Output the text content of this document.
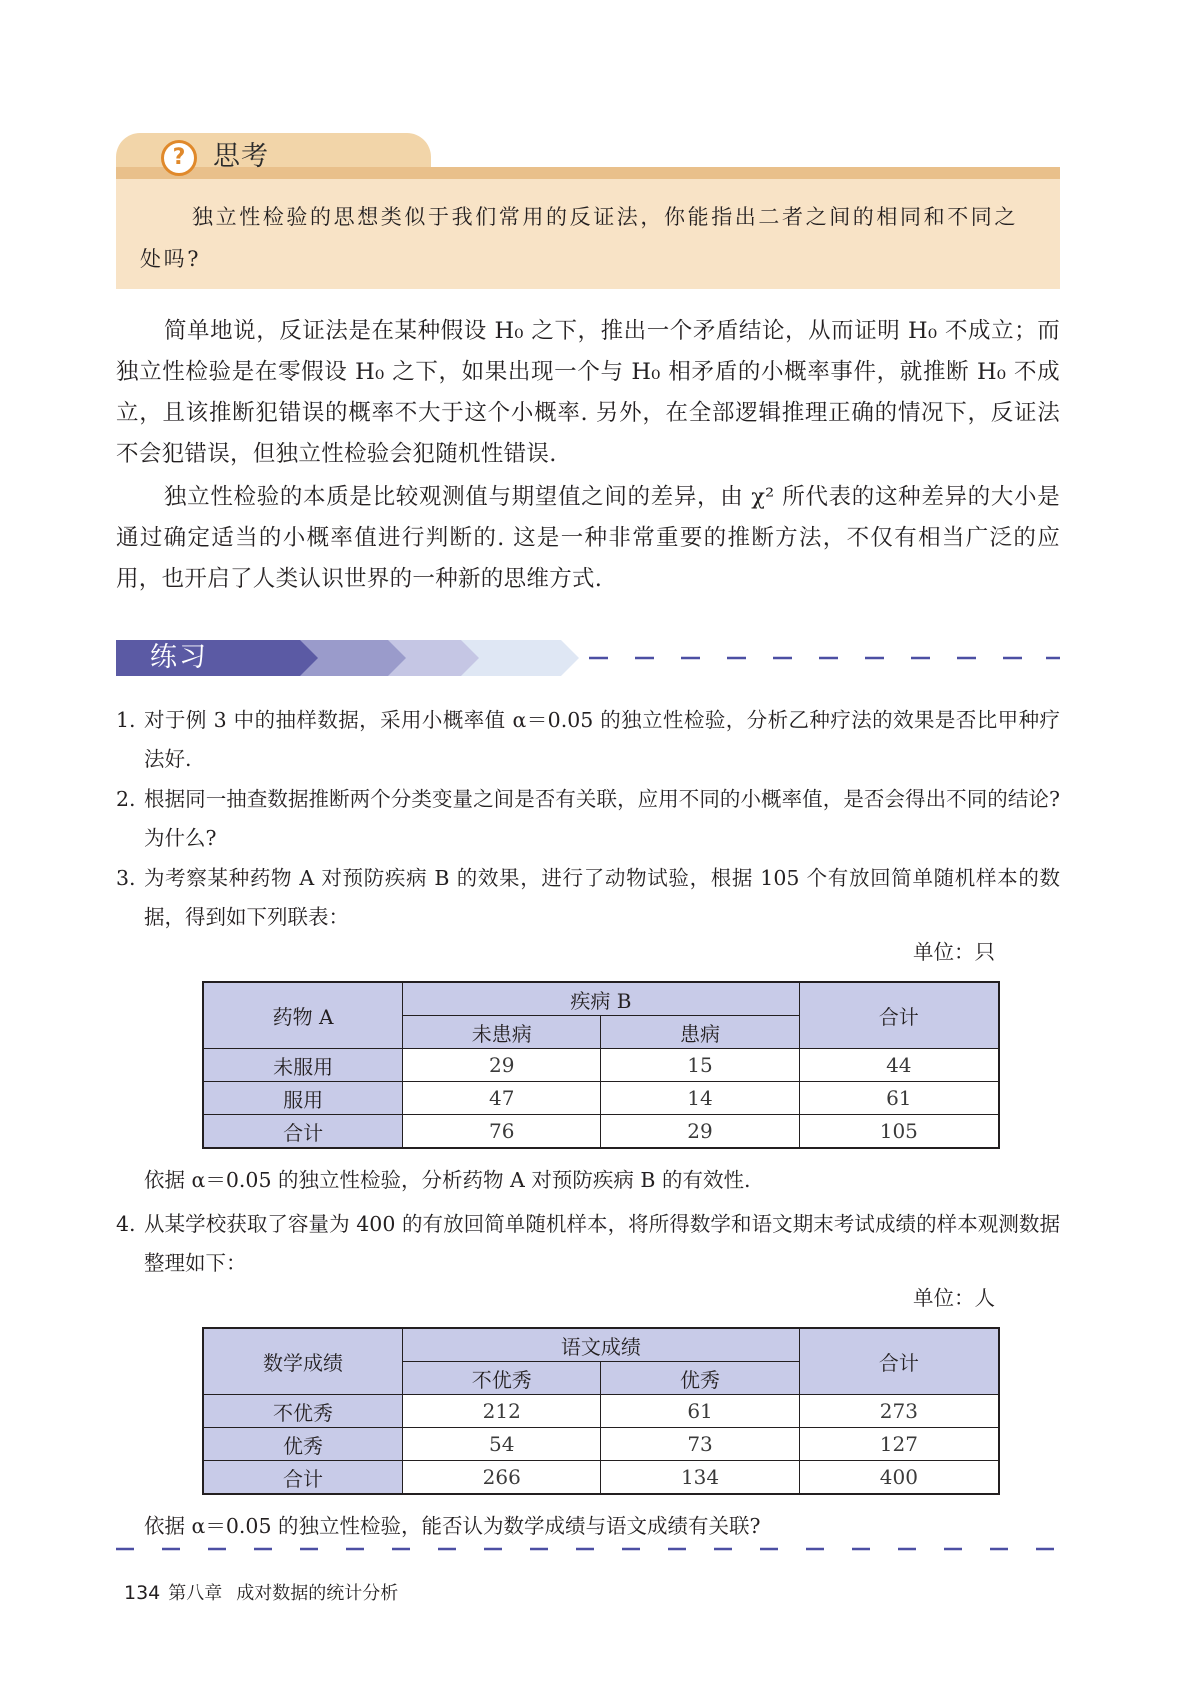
?	思考

独立性检验的思想类似于我们常用的反证法，你能指出二者之间的相同和不同之处吗?

简单地说，反证法是在某种假设 H₀ 之下，推出一个矛盾结论，从而证明 H₀ 不成立；而独立性检验是在零假设 H₀ 之下，如果出现一个与 H₀ 相矛盾的小概率事件，就推断 H₀ 不成立，且该推断犯错误的概率不大于这个小概率. 另外，在全部逻辑推理正确的情况下，反证法不会犯错误，但独立性检验会犯随机性错误.

独立性检验的本质是比较观测值与期望值之间的差异，由 χ² 所代表的这种差异的大小是通过确定适当的小概率值进行判断的. 这是一种非常重要的推断方法，不仅有相当广泛的应用，也开启了人类认识世界的一种新的思维方式.

练习
1. 对于例 3 中的抽样数据，采用小概率值 α＝0.05 的独立性检验，分析乙种疗法的效果是否比甲种疗法好.
2. 根据同一抽查数据推断两个分类变量之间是否有关联，应用不同的小概率值，是否会得出不同的结论? 为什么?
3. 为考察某种药物 A 对预防疾病 B 的效果，进行了动物试验，根据 105 个有放回简单随机样本的数据，得到如下列联表：
单位：只
药物 A	疾病 B		合计
	未患病	患病	
未服用	29	15	44
服用	47	14	61
合计	76	29	105

依据 α＝0.05 的独立性检验，分析药物 A 对预防疾病 B 的有效性.

4. 从某学校获取了容量为 400 的有放回简单随机样本，将所得数学和语文期末考试成绩的样本观测数据整理如下：
单位：人
数学成绩	语文成绩		合计
	不优秀	优秀	
不优秀	212	61	273
优秀	54	73	127
合计	266	134	400

依据 α＝0.05 的独立性检验，能否认为数学成绩与语文成绩有关联?

134 第八章 成对数据的统计分析
